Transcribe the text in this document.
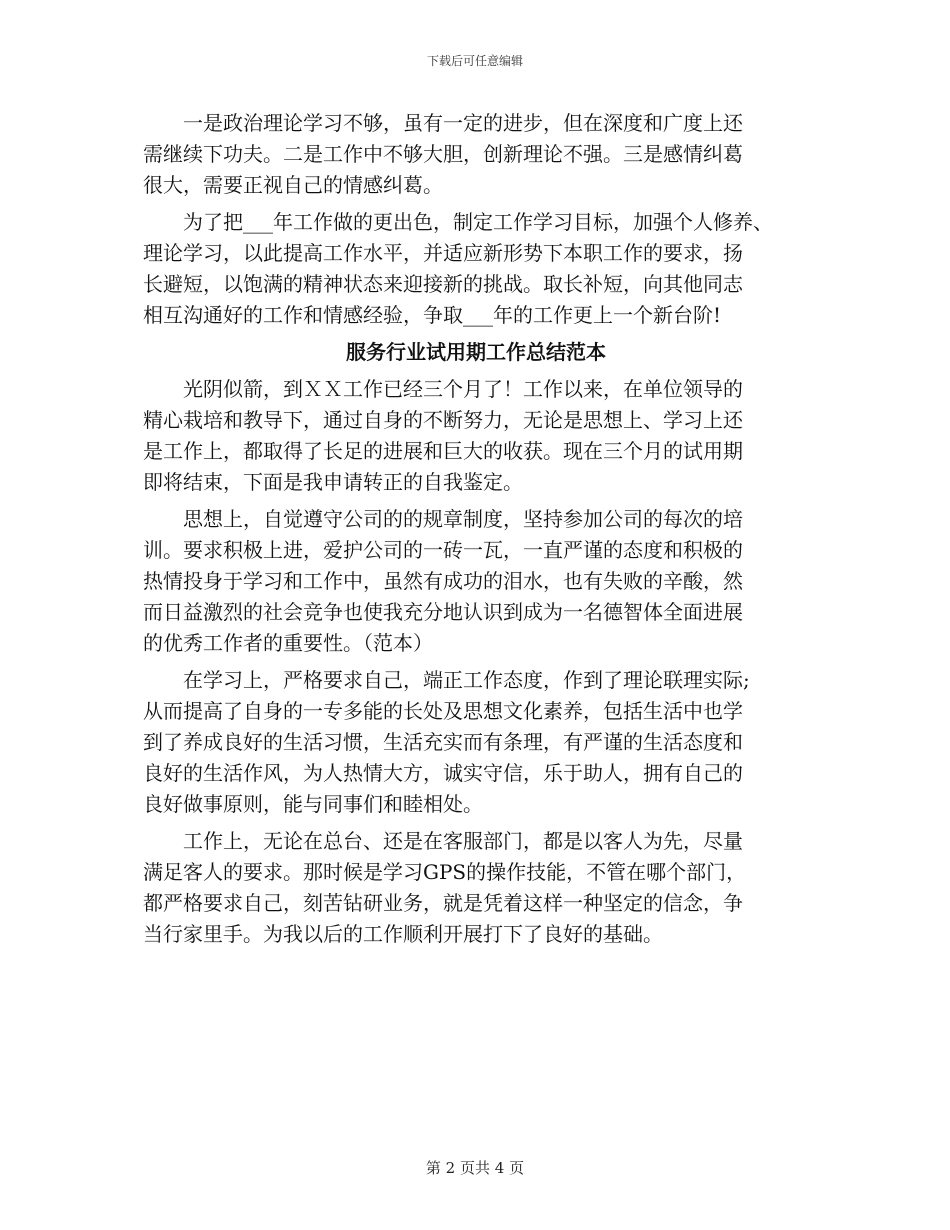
下载后可任意编辑
一是政治理论学习不够，虽有一定的进步，但在深度和广度上还
需继续下功夫。二是工作中不够大胆，创新理论不强。三是感情纠葛
很大，需要正视自己的情感纠葛。
为了把___年工作做的更出色，制定工作学习目标，加强个人修养、
理论学习，以此提高工作水平，并适应新形势下本职工作的要求，扬
长避短，以饱满的精神状态来迎接新的挑战。取长补短，向其他同志
相互沟通好的工作和情感经验，争取___年的工作更上一个新台阶!
服务行业试用期工作总结范本
光阴似箭，到ＸＸ工作已经三个月了！工作以来，在单位领导的
精心栽培和教导下，通过自身的不断努力，无论是思想上、学习上还
是工作上，都取得了长足的进展和巨大的收获。现在三个月的试用期
即将结束，下面是我申请转正的自我鉴定。
思想上，自觉遵守公司的的规章制度，坚持参加公司的每次的培
训。要求积极上进，爱护公司的一砖一瓦，一直严谨的态度和积极的
热情投身于学习和工作中，虽然有成功的泪水，也有失败的辛酸，然
而日益激烈的社会竞争也使我充分地认识到成为一名德智体全面进展
的优秀工作者的重要性。（范本）
在学习上，严格要求自己，端正工作态度，作到了理论联理实际;
从而提高了自身的一专多能的长处及思想文化素养，包括生活中也学
到了养成良好的生活习惯，生活充实而有条理，有严谨的生活态度和
良好的生活作风，为人热情大方，诚实守信，乐于助人，拥有自己的
良好做事原则，能与同事们和睦相处。
工作上，无论在总台、还是在客服部门，都是以客人为先，尽量
满足客人的要求。那时候是学习GPS的操作技能，不管在哪个部门，
都严格要求自己，刻苦钻研业务，就是凭着这样一种坚定的信念，争
当行家里手。为我以后的工作顺利开展打下了良好的基础。
第 2 页共 4 页
